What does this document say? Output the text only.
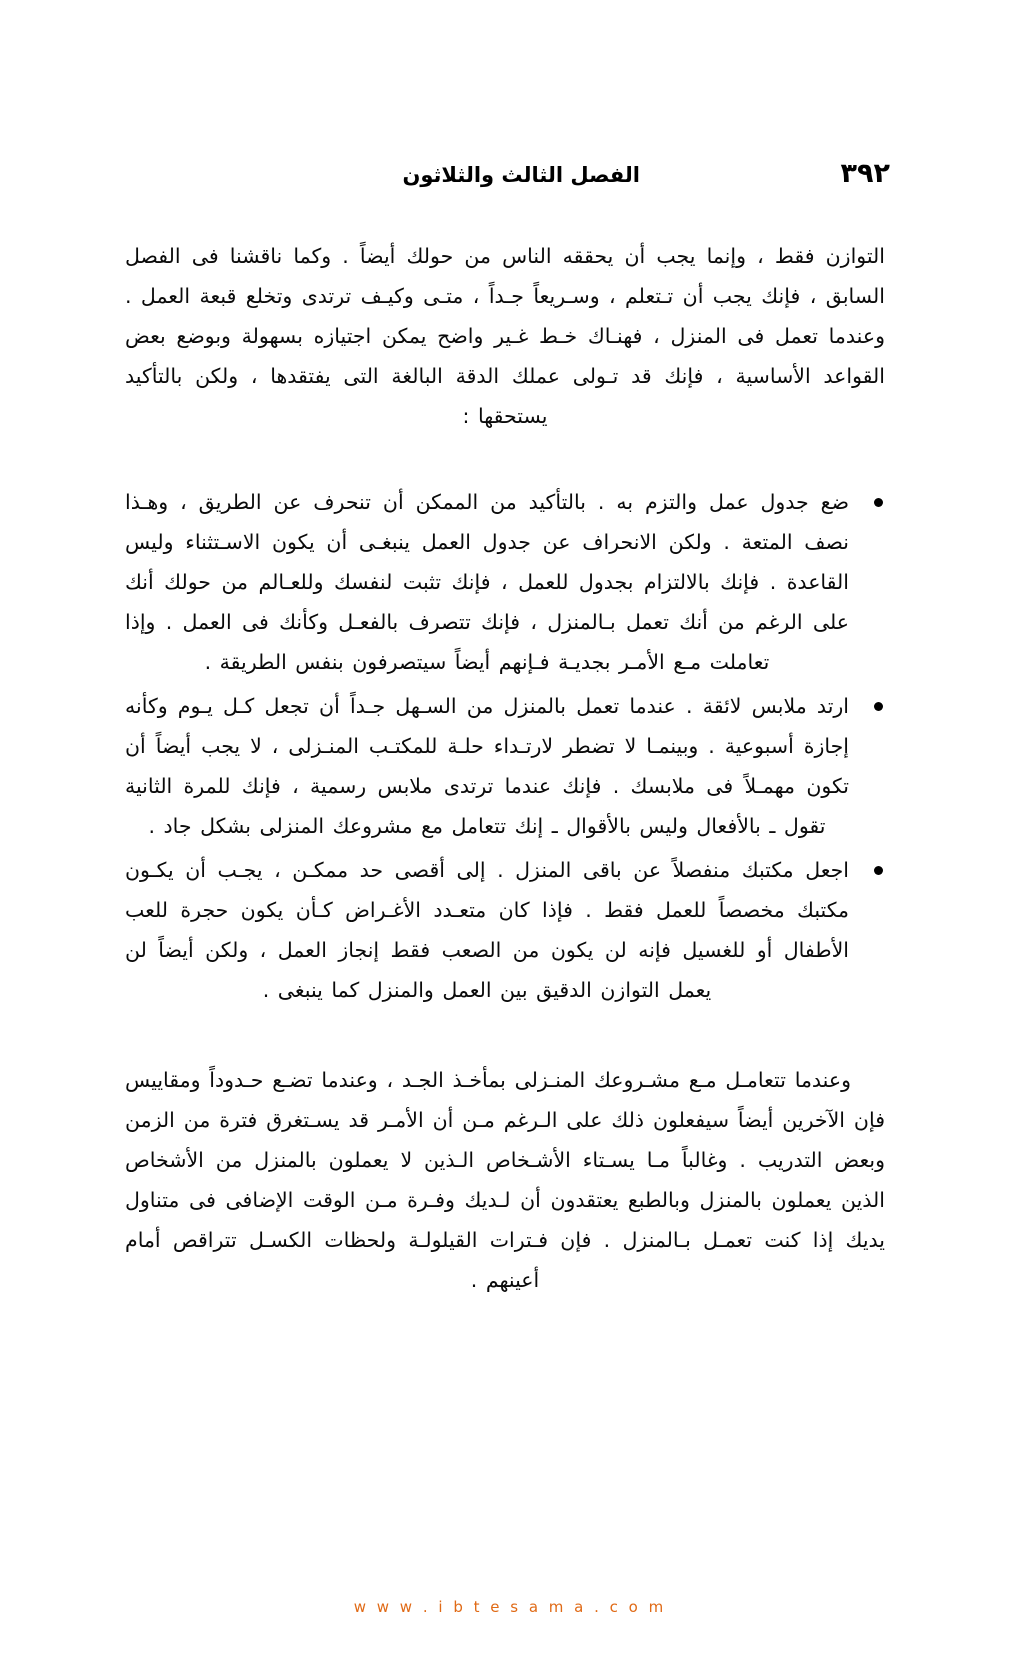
٣٩٢
الفصل الثالث والثلاثون

التوازن فقط ، وإنما يجب أن يحققه الناس من حولك أيضاً . وكما ناقشنا فى الفصل السابق ، فإنك يجب أن تـتعلم ، وسـريعاً جـداً ، متـى وكيـف ترتدى وتخلع قبعة العمل . وعندما تعمل فى المنزل ، فهنـاك خـط غـير واضح يمكن اجتيازه بسهولة وبوضع بعض القواعد الأساسية ، فإنك قد تـولى عملك الدقة البالغة التى يفتقدها ، ولكن بالتأكيد يستحقها :

ضع جدول عمل والتزم به . بالتأكيد من الممكن أن تنحرف عن الطريق ، وهـذا نصف المتعة . ولكن الانحراف عن جدول العمل ينبغـى أن يكون الاسـتثناء وليس القاعدة . فإنك بالالتزام بجدول للعمل ، فإنك تثبت لنفسك وللعـالم من حولك أنك على الرغم من أنك تعمل بـالمنزل ، فإنك تتصرف بالفعـل وكأنك فى العمل . وإذا تعاملت مـع الأمـر بجديـة فـإنهم أيضاً سيتصرفون بنفس الطريقة .
ارتد ملابس لائقة . عندما تعمل بالمنزل من السـهل جـداً أن تجعل كـل يـوم وكأنه إجازة أسبوعية . وبينمـا لا تضطر لارتـداء حلـة للمكتـب المنـزلى ، لا يجب أيضاً أن تكون مهمـلاً فى ملابسك . فإنك عندما ترتدى ملابس رسمية ، فإنك للمرة الثانية تقول ـ بالأفعال وليس بالأقوال ـ إنك تتعامل مع مشروعك المنزلى بشكل جاد .
اجعل مكتبك منفصلاً عن باقى المنزل . إلى أقصى حد ممكـن ، يجـب أن يكـون مكتبك مخصصاً للعمل فقط . فإذا كان متعـدد الأغـراض كـأن يكون حجرة للعب الأطفال أو للغسيل فإنه لن يكون من الصعب فقط إنجاز العمل ، ولكن أيضاً لن يعمل التوازن الدقيق بين العمل والمنزل كما ينبغى .

وعندما تتعامـل مـع مشـروعك المنـزلى بمأخـذ الجـد ، وعندما تضـع حـدوداً ومقاييس فإن الآخرين أيضاً سيفعلون ذلك على الـرغم مـن أن الأمـر قد يسـتغرق فترة من الزمن وبعض التدريب . وغالباً مـا يسـتاء الأشـخاص الـذين لا يعملون بالمنزل من الأشخاص الذين يعملون بالمنزل وبالطبع يعتقدون أن لـديك وفـرة مـن الوقت الإضافى فى متناول يديك إذا كنت تعمـل بـالمنزل . فإن فـترات القيلولـة ولحظات الكسـل تتراقص أمام أعينهم .

w w w . i b t e s a m a . c o m
